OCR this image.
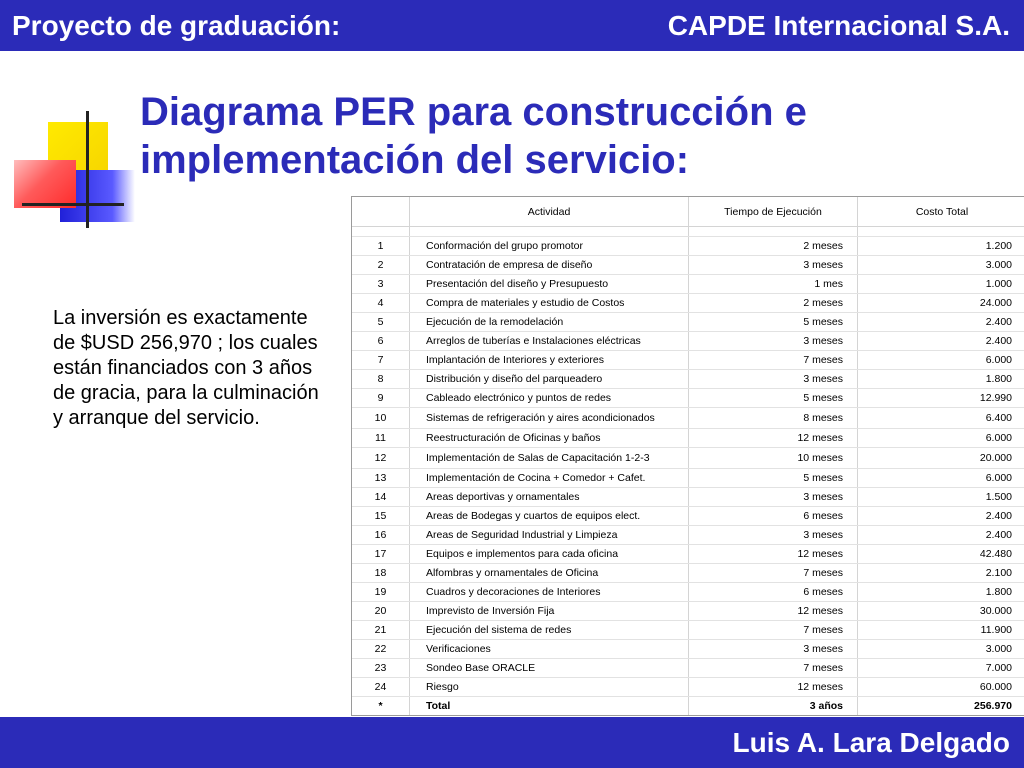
Proyecto de graduación:	CAPDE Internacional S.A.
Diagrama PER para construcción e
implementación del servicio:
La inversión es exactamente de $USD 256,970 ; los cuales están financiados con 3 años de gracia, para la culminación y arranque del servicio.
	Actividad	Tiempo de Ejecución	Costo Total

1	Conformación del grupo promotor	2 meses	1.200
2	Contratación de empresa de diseño	3 meses	3.000
3	Presentación del diseño y Presupuesto	1 mes	1.000
4	Compra de materiales y estudio de Costos	2 meses	24.000
5	Ejecución de la remodelación	5 meses	2.400
6	Arreglos de tuberías e Instalaciones eléctricas	3 meses	2.400
7	Implantación de Interiores y exteriores	7 meses	6.000
8	Distribución y diseño del parqueadero	3 meses	1.800
9	Cableado electrónico y puntos de redes	5 meses	12.990
10	Sistemas de refrigeración y aires acondicionados	8 meses	6.400
11	Reestructuración de Oficinas y baños	12 meses	6.000
12	Implementación de Salas de Capacitación 1-2-3	10 meses	20.000
13	Implementación de Cocina + Comedor + Cafet.	5 meses	6.000
14	Areas deportivas y ornamentales	3 meses	1.500
15	Areas de Bodegas y cuartos de equipos elect.	6 meses	2.400
16	Areas de Seguridad Industrial y Limpieza	3 meses	2.400
17	Equipos e implementos para cada oficina	12 meses	42.480
18	Alfombras y ornamentales de Oficina	7 meses	2.100
19	Cuadros y decoraciones de Interiores	6 meses	1.800
20	Imprevisto de Inversión Fija	12 meses	30.000
21	Ejecución del sistema de redes	7 meses	11.900
22	Verificaciones	3 meses	3.000
23	Sondeo Base ORACLE	7 meses	7.000
24	Riesgo	12 meses	60.000
*	Total	3 años	256.970
Luis A. Lara Delgado
